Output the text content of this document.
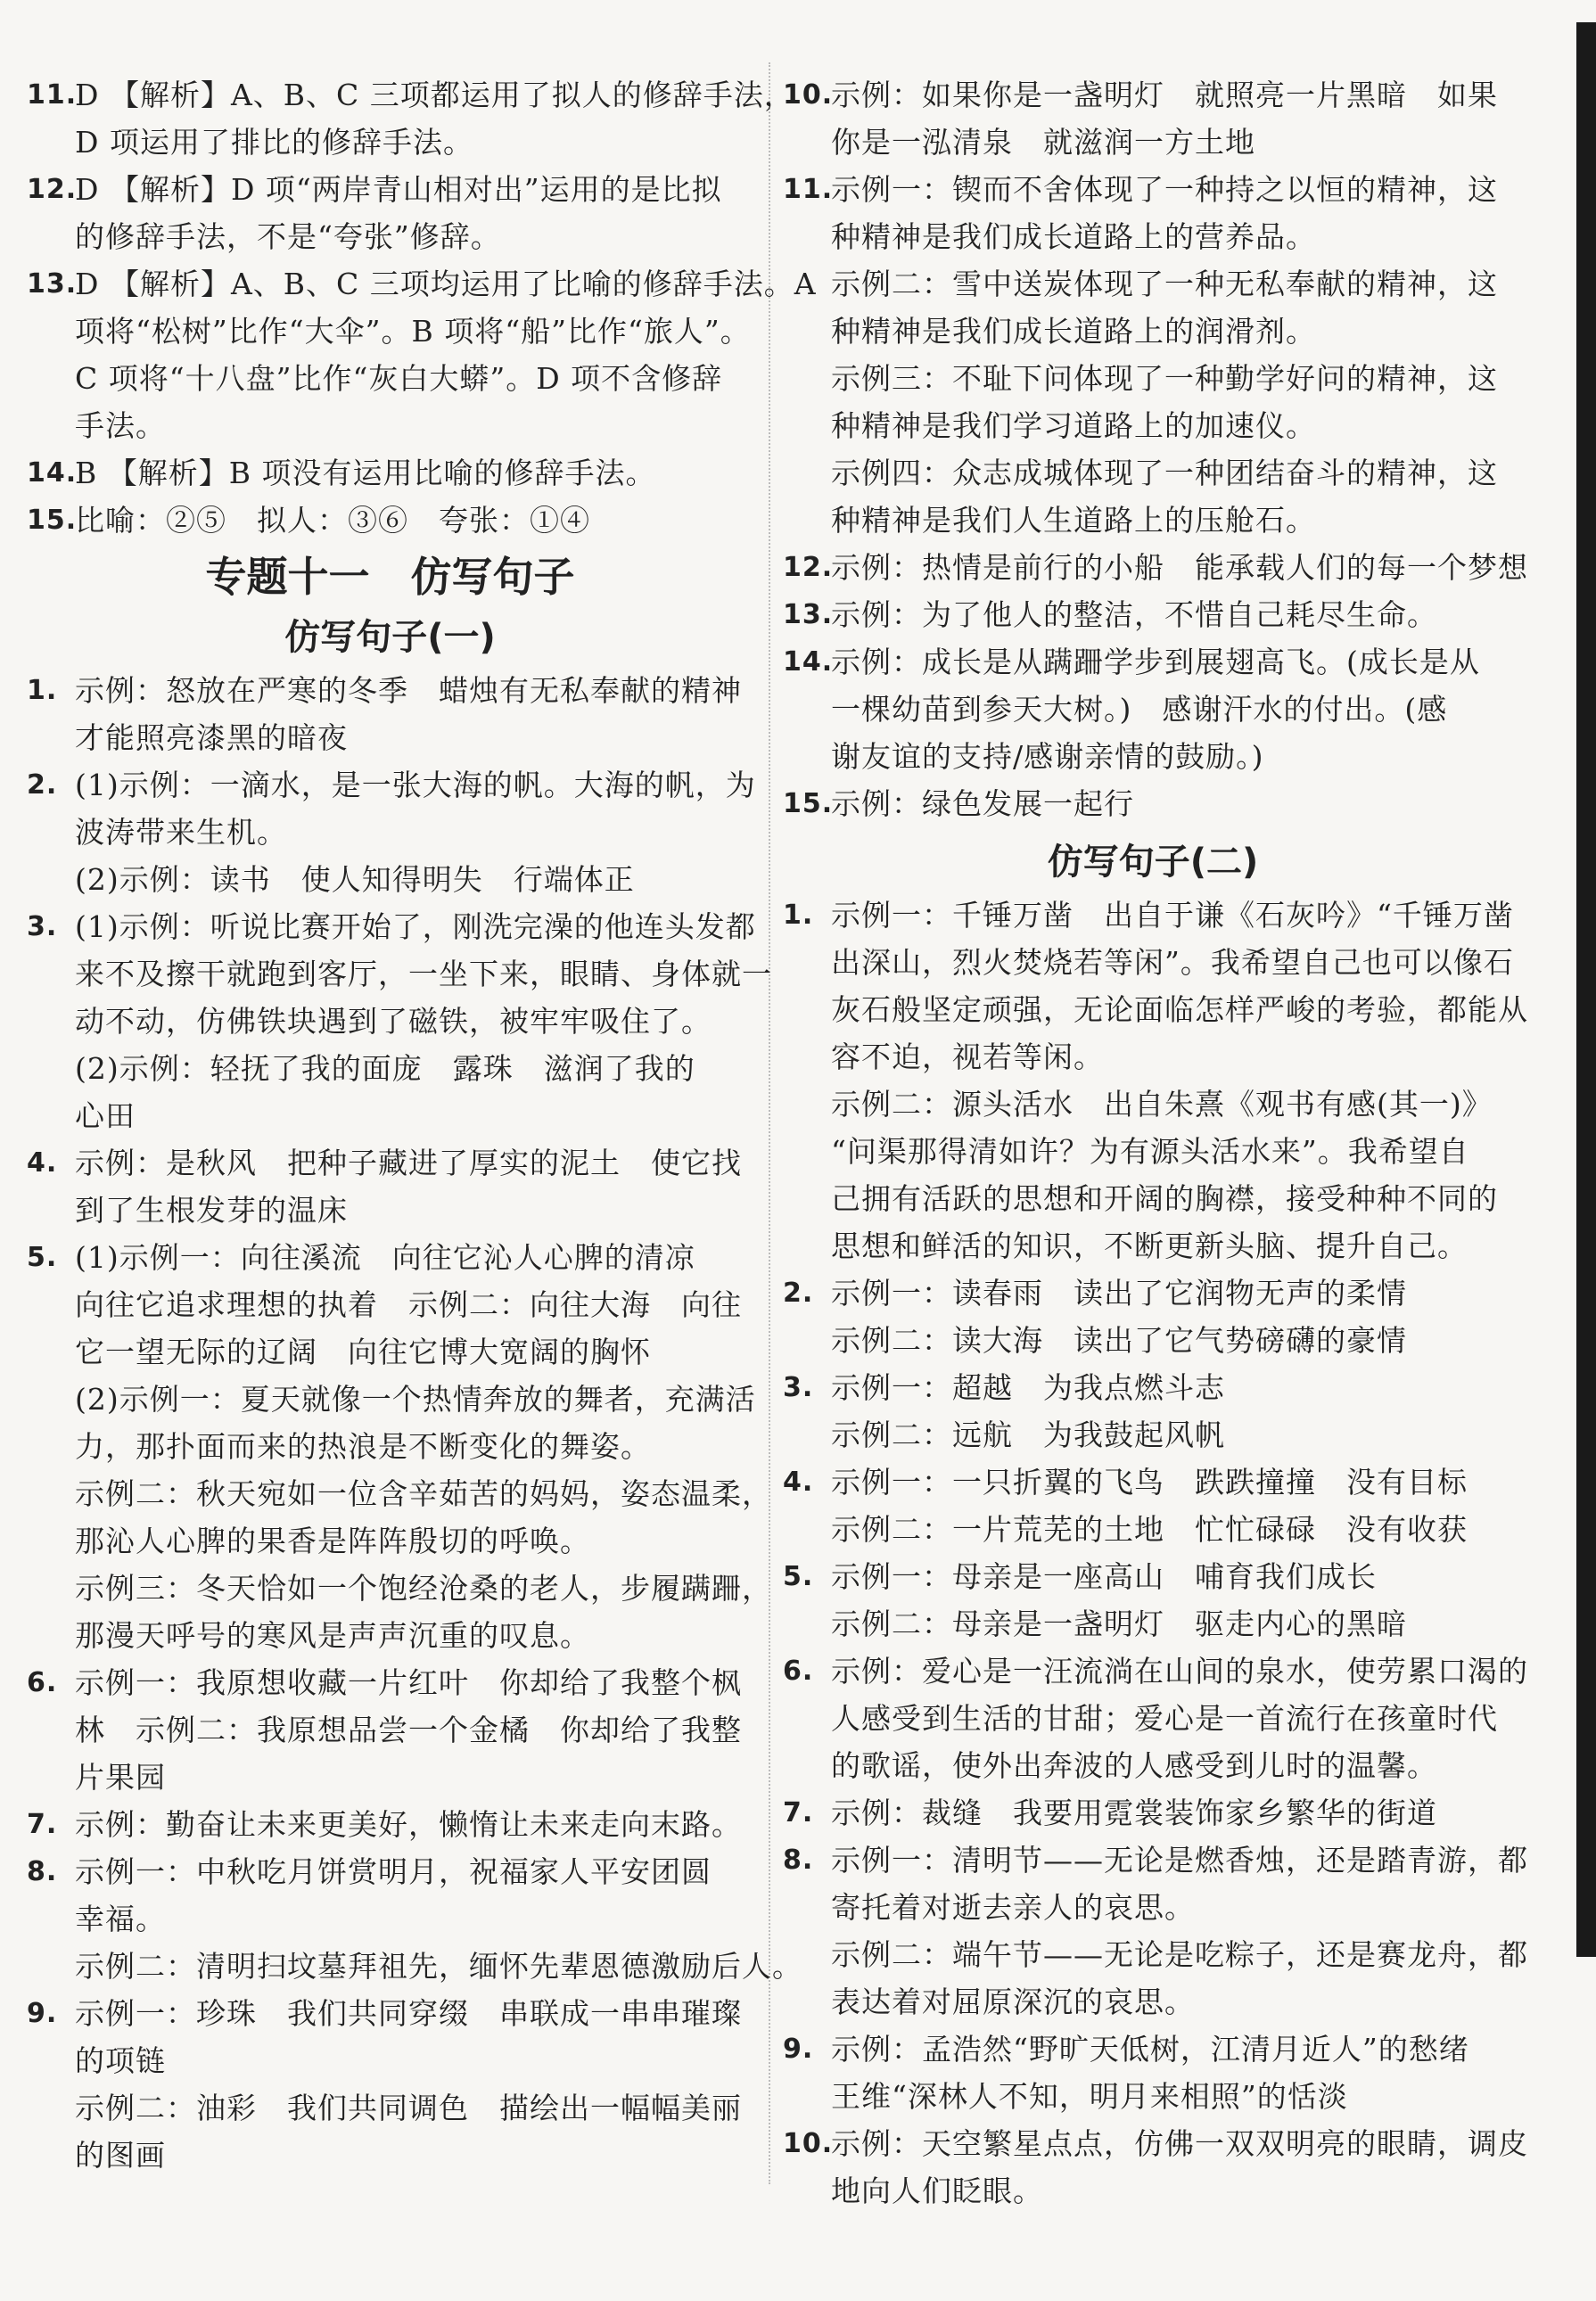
11.
D 【解析】A、B、C 三项都运用了拟人的修辞手法，
D 项运用了排比的修辞手法。
12.
D 【解析】D 项“两岸青山相对出”运用的是比拟
的修辞手法，不是“夸张”修辞。
13.
D 【解析】A、B、C 三项均运用了比喻的修辞手法。A
项将“松树”比作“大伞”。B 项将“船”比作“旅人”。
C 项将“十八盘”比作“灰白大蟒”。D 项不含修辞
手法。
14.
B 【解析】B 项没有运用比喻的修辞手法。
15.
比喻：②⑤　拟人：③⑥　夸张：①④
专题十一　仿写句子
仿写句子(一)
1. 示例：怒放在严寒的冬季　蜡烛有无私奉献的精神
才能照亮漆黑的暗夜
2. (1)示例：一滴水，是一张大海的帆。大海的帆，为
波涛带来生机。
(2)示例：读书　使人知得明失　行端体正
3. (1)示例：听说比赛开始了，刚洗完澡的他连头发都
来不及擦干就跑到客厅，一坐下来，眼睛、身体就一
动不动，仿佛铁块遇到了磁铁，被牢牢吸住了。
(2)示例：轻抚了我的面庞　露珠　滋润了我的
心田
4. 示例：是秋风　把种子藏进了厚实的泥土　使它找
到了生根发芽的温床
5. (1)示例一：向往溪流　向往它沁人心脾的清凉
向往它追求理想的执着　示例二：向往大海　向往
它一望无际的辽阔　向往它博大宽阔的胸怀
(2)示例一：夏天就像一个热情奔放的舞者，充满活
力，那扑面而来的热浪是不断变化的舞姿。
示例二：秋天宛如一位含辛茹苦的妈妈，姿态温柔，
那沁人心脾的果香是阵阵殷切的呼唤。
示例三：冬天恰如一个饱经沧桑的老人，步履蹒跚，
那漫天呼号的寒风是声声沉重的叹息。
6. 示例一：我原想收藏一片红叶　你却给了我整个枫
林　示例二：我原想品尝一个金橘　你却给了我整
片果园
7. 示例：勤奋让未来更美好，懒惰让未来走向末路。
8. 示例一：中秋吃月饼赏明月，祝福家人平安团圆
幸福。
示例二：清明扫坟墓拜祖先，缅怀先辈恩德激励后人。
9. 示例一：珍珠　我们共同穿缀　串联成一串串璀璨
的项链
示例二：油彩　我们共同调色　描绘出一幅幅美丽
的图画
10.
示例：如果你是一盏明灯　就照亮一片黑暗　如果
你是一泓清泉　就滋润一方土地
11.
示例一：锲而不舍体现了一种持之以恒的精神，这
种精神是我们成长道路上的营养品。
示例二：雪中送炭体现了一种无私奉献的精神，这
种精神是我们成长道路上的润滑剂。
示例三：不耻下问体现了一种勤学好问的精神，这
种精神是我们学习道路上的加速仪。
示例四：众志成城体现了一种团结奋斗的精神，这
种精神是我们人生道路上的压舱石。
12.
示例：热情是前行的小船　能承载人们的每一个梦想
13.
示例：为了他人的整洁，不惜自己耗尽生命。
14.
示例：成长是从蹒跚学步到展翅高飞。(成长是从
一棵幼苗到参天大树。)　感谢汗水的付出。(感
谢友谊的支持/感谢亲情的鼓励。)
15.
示例：绿色发展一起行
仿写句子(二)
1. 示例一：千锤万凿　出自于谦《石灰吟》“千锤万凿
出深山，烈火焚烧若等闲”。我希望自己也可以像石
灰石般坚定顽强，无论面临怎样严峻的考验，都能从
容不迫，视若等闲。
示例二：源头活水　出自朱熹《观书有感(其一)》
“问渠那得清如许？为有源头活水来”。我希望自
己拥有活跃的思想和开阔的胸襟，接受种种不同的
思想和鲜活的知识，不断更新头脑、提升自己。
2. 示例一：读春雨　读出了它润物无声的柔情
示例二：读大海　读出了它气势磅礴的豪情
3. 示例一：超越　为我点燃斗志
示例二：远航　为我鼓起风帆
4. 示例一：一只折翼的飞鸟　跌跌撞撞　没有目标
示例二：一片荒芜的土地　忙忙碌碌　没有收获
5. 示例一：母亲是一座高山　哺育我们成长
示例二：母亲是一盏明灯　驱走内心的黑暗
6. 示例：爱心是一汪流淌在山间的泉水，使劳累口渴的
人感受到生活的甘甜；爱心是一首流行在孩童时代
的歌谣，使外出奔波的人感受到儿时的温馨。
7. 示例：裁缝　我要用霓裳装饰家乡繁华的街道
8. 示例一：清明节——无论是燃香烛，还是踏青游，都
寄托着对逝去亲人的哀思。
示例二：端午节——无论是吃粽子，还是赛龙舟，都
表达着对屈原深沉的哀思。
9. 示例：孟浩然“野旷天低树，江清月近人”的愁绪
王维“深林人不知，明月来相照”的恬淡
10.
示例：天空繁星点点，仿佛一双双明亮的眼睛，调皮
地向人们眨眼。
